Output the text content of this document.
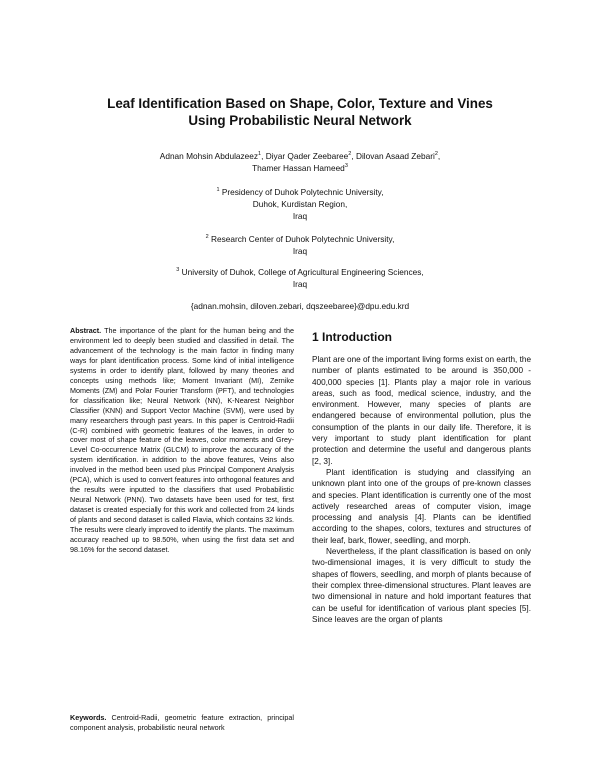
Leaf Identification Based on Shape, Color, Texture and Vines
Using Probabilistic Neural Network
Adnan Mohsin Abdulazeez$^1$, Diyar Qader Zeebaree$^2$, Dilovan Asaad Zebari$^2$,
Thamer Hassan Hameed$^3$
$^1$ Presidency of Duhok Polytechnic University,
Duhok, Kurdistan Region,
Iraq
$^2$ Research Center of Duhok Polytechnic University,
Iraq
$^3$ University of Duhok, College of Agricultural Engineering Sciences,
Iraq
{adnan.mohsin, diloven.zebari, dqszeebaree}@dpu.edu.krd
Abstract. The importance of the plant for the human being and the environment led to deeply been studied and classified in detail. The advancement of the technology is the main factor in finding many ways for plant identification process. Some kind of initial intelligence systems in order to identify plant, followed by many theories and concepts using methods like; Moment Invariant (MI), Zernike Moments (ZM) and Polar Fourier Transform (PFT), and technologies for classification like; Neural Network (NN), K-Nearest Neighbor Classifier (KNN) and Support Vector Machine (SVM), were used by many researchers through past years. In this paper is Centroid-Radii (C-R) combined with geometric features of the leaves, in order to cover most of shape feature of the leaves, color moments and Grey-Level Co-occurrence Matrix (GLCM) to improve the accuracy of the system identification. in addition to the above features, Veins also involved in the method been used plus Principal Component Analysis (PCA), which is used to convert features into orthogonal features and the results were inputted to the classifiers that used Probabilistic Neural Network (PNN). Two datasets have been used for test, first dataset is created especially for this work and collected from 24 kinds of plants and second dataset is called Flavia, which contains 32 kinds. The results were clearly improved to identify the plants. The maximum accuracy reached up to 98.50%, when using the first data set and 98.16% for the second dataset.
Keywords. Centroid-Radii, geometric feature extraction, principal component analysis, probabilistic neural network
1 Introduction

Plant are one of the important living forms exist on earth, the number of plants estimated to be around is 350,000 - 400,000 species [1]. Plants play a major role in various areas, such as food, medical science, industry, and the environment. However, many species of plants are endangered because of environmental pollution, plus the consumption of the plants in our daily life. Therefore, it is very important to study plant identification for plant protection and determine the useful and dangerous plants [2, 3].

Plant identification is studying and classifying an unknown plant into one of the groups of pre-known classes and species. Plant identification is currently one of the most actively researched areas of computer vision, image processing and analysis [4]. Plants can be identified according to the shapes, colors, textures and structures of their leaf, bark, flower, seedling, and morph.

Nevertheless, if the plant classification is based on only two-dimensional images, it is very difficult to study the shapes of flowers, seedling, and morph of plants because of their complex three-dimensional structures. Plant leaves are two dimensional in nature and hold important features that can be useful for identification of various plant species [5]. Since leaves are the organ of plants
